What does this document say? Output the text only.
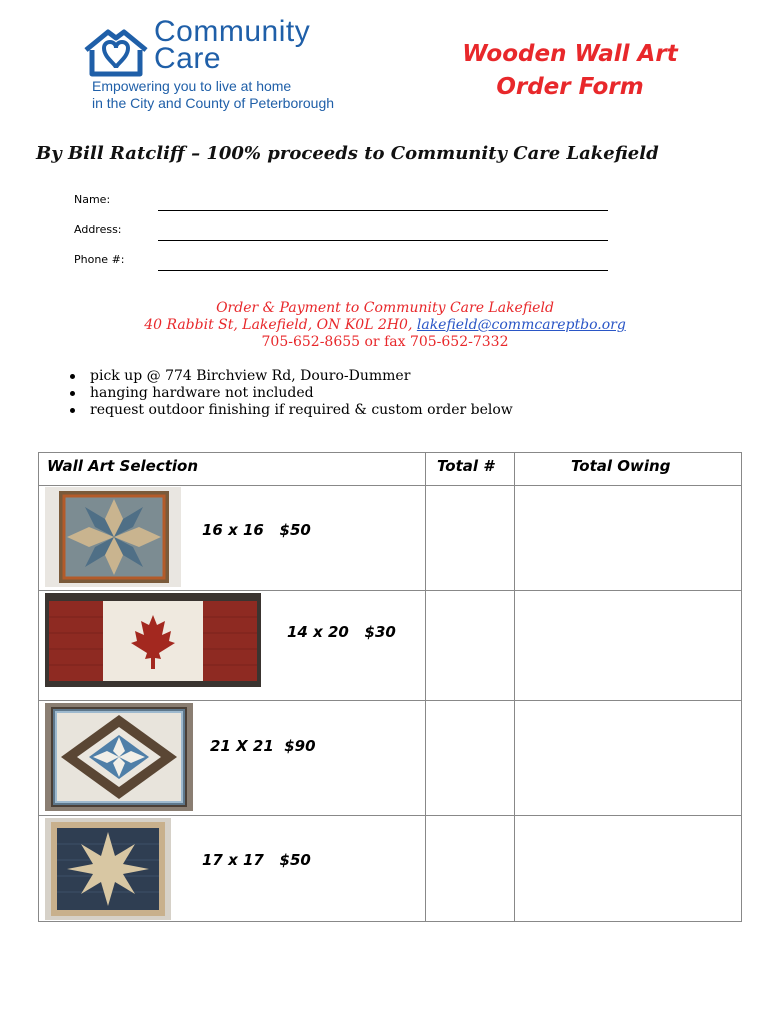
Community
Care
Empowering you to live at home
in the City and County of Peterborough
Wooden Wall Art
Order Form
By Bill Ratcliff – 100% proceeds to Community Care Lakefield
Name:
Address:
Phone #:
Order & Payment to Community Care Lakefield
40 Rabbit St, Lakefield, ON K0L 2H0, lakefield@commcareptbo.org
705-652-8655 or fax 705-652-7332
pick up @ 774 Birchview Rd, Douro-Dummer
hanging hardware not included
request outdoor finishing if required & custom order below
Wall Art Selection	Total #	Total Owing
16 x 16   $50
14 x 20   $30
21 X 21  $90
17 x 17   $50
